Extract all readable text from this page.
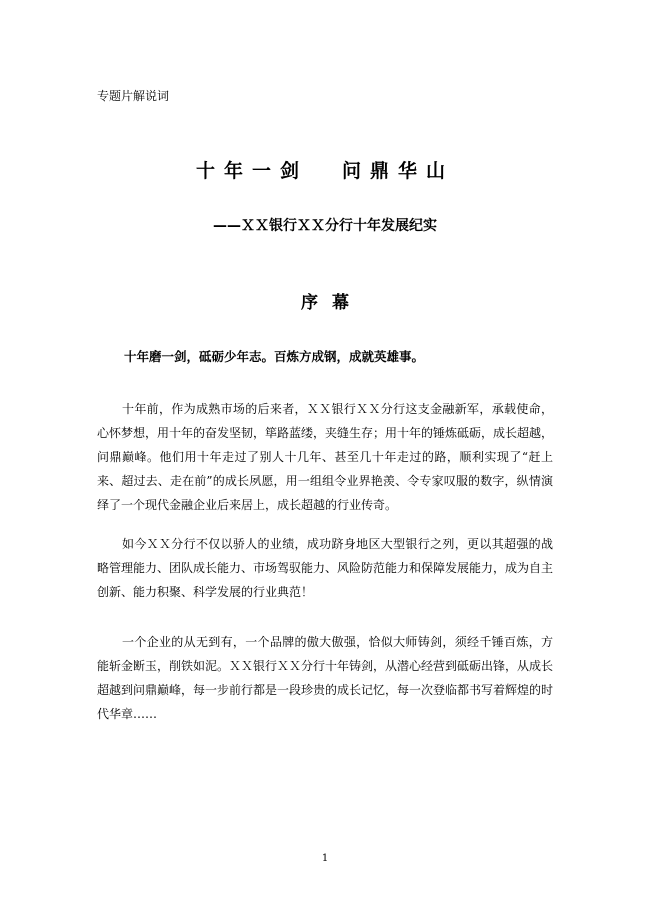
专题片解说词
十年一剑 问鼎华山
——ＸＸ银行ＸＸ分行十年发展纪实
序幕
十年磨一剑，砥砺少年志。百炼方成钢，成就英雄事。

十年前，作为成熟市场的后来者，ＸＸ银行ＸＸ分行这支金融新军，承载使命，心怀梦想，用十年的奋发坚韧，筚路蓝缕，夹缝生存；用十年的锤炼砥砺，成长超越，问鼎巅峰。他们用十年走过了别人十几年、甚至几十年走过的路，顺利实现了“赶上来、超过去、走在前”的成长夙愿，用一组组令业界艳羡、令专家叹服的数字，纵情演绎了一个现代金融企业后来居上，成长超越的行业传奇。

如今ＸＸ分行不仅以骄人的业绩，成功跻身地区大型银行之列，更以其超强的战略管理能力、团队成长能力、市场驾驭能力、风险防范能力和保障发展能力，成为自主创新、能力积聚、科学发展的行业典范！

一个企业的从无到有，一个品牌的傲大傲强，恰似大师铸剑，须经千锤百炼，方能斩金断玉，削铁如泥。ＸＸ银行ＸＸ分行十年铸剑，从潜心经营到砥砺出锋，从成长超越到问鼎巅峰，每一步前行都是一段珍贵的成长记忆，每一次登临都书写着辉煌的时代华章……

1
